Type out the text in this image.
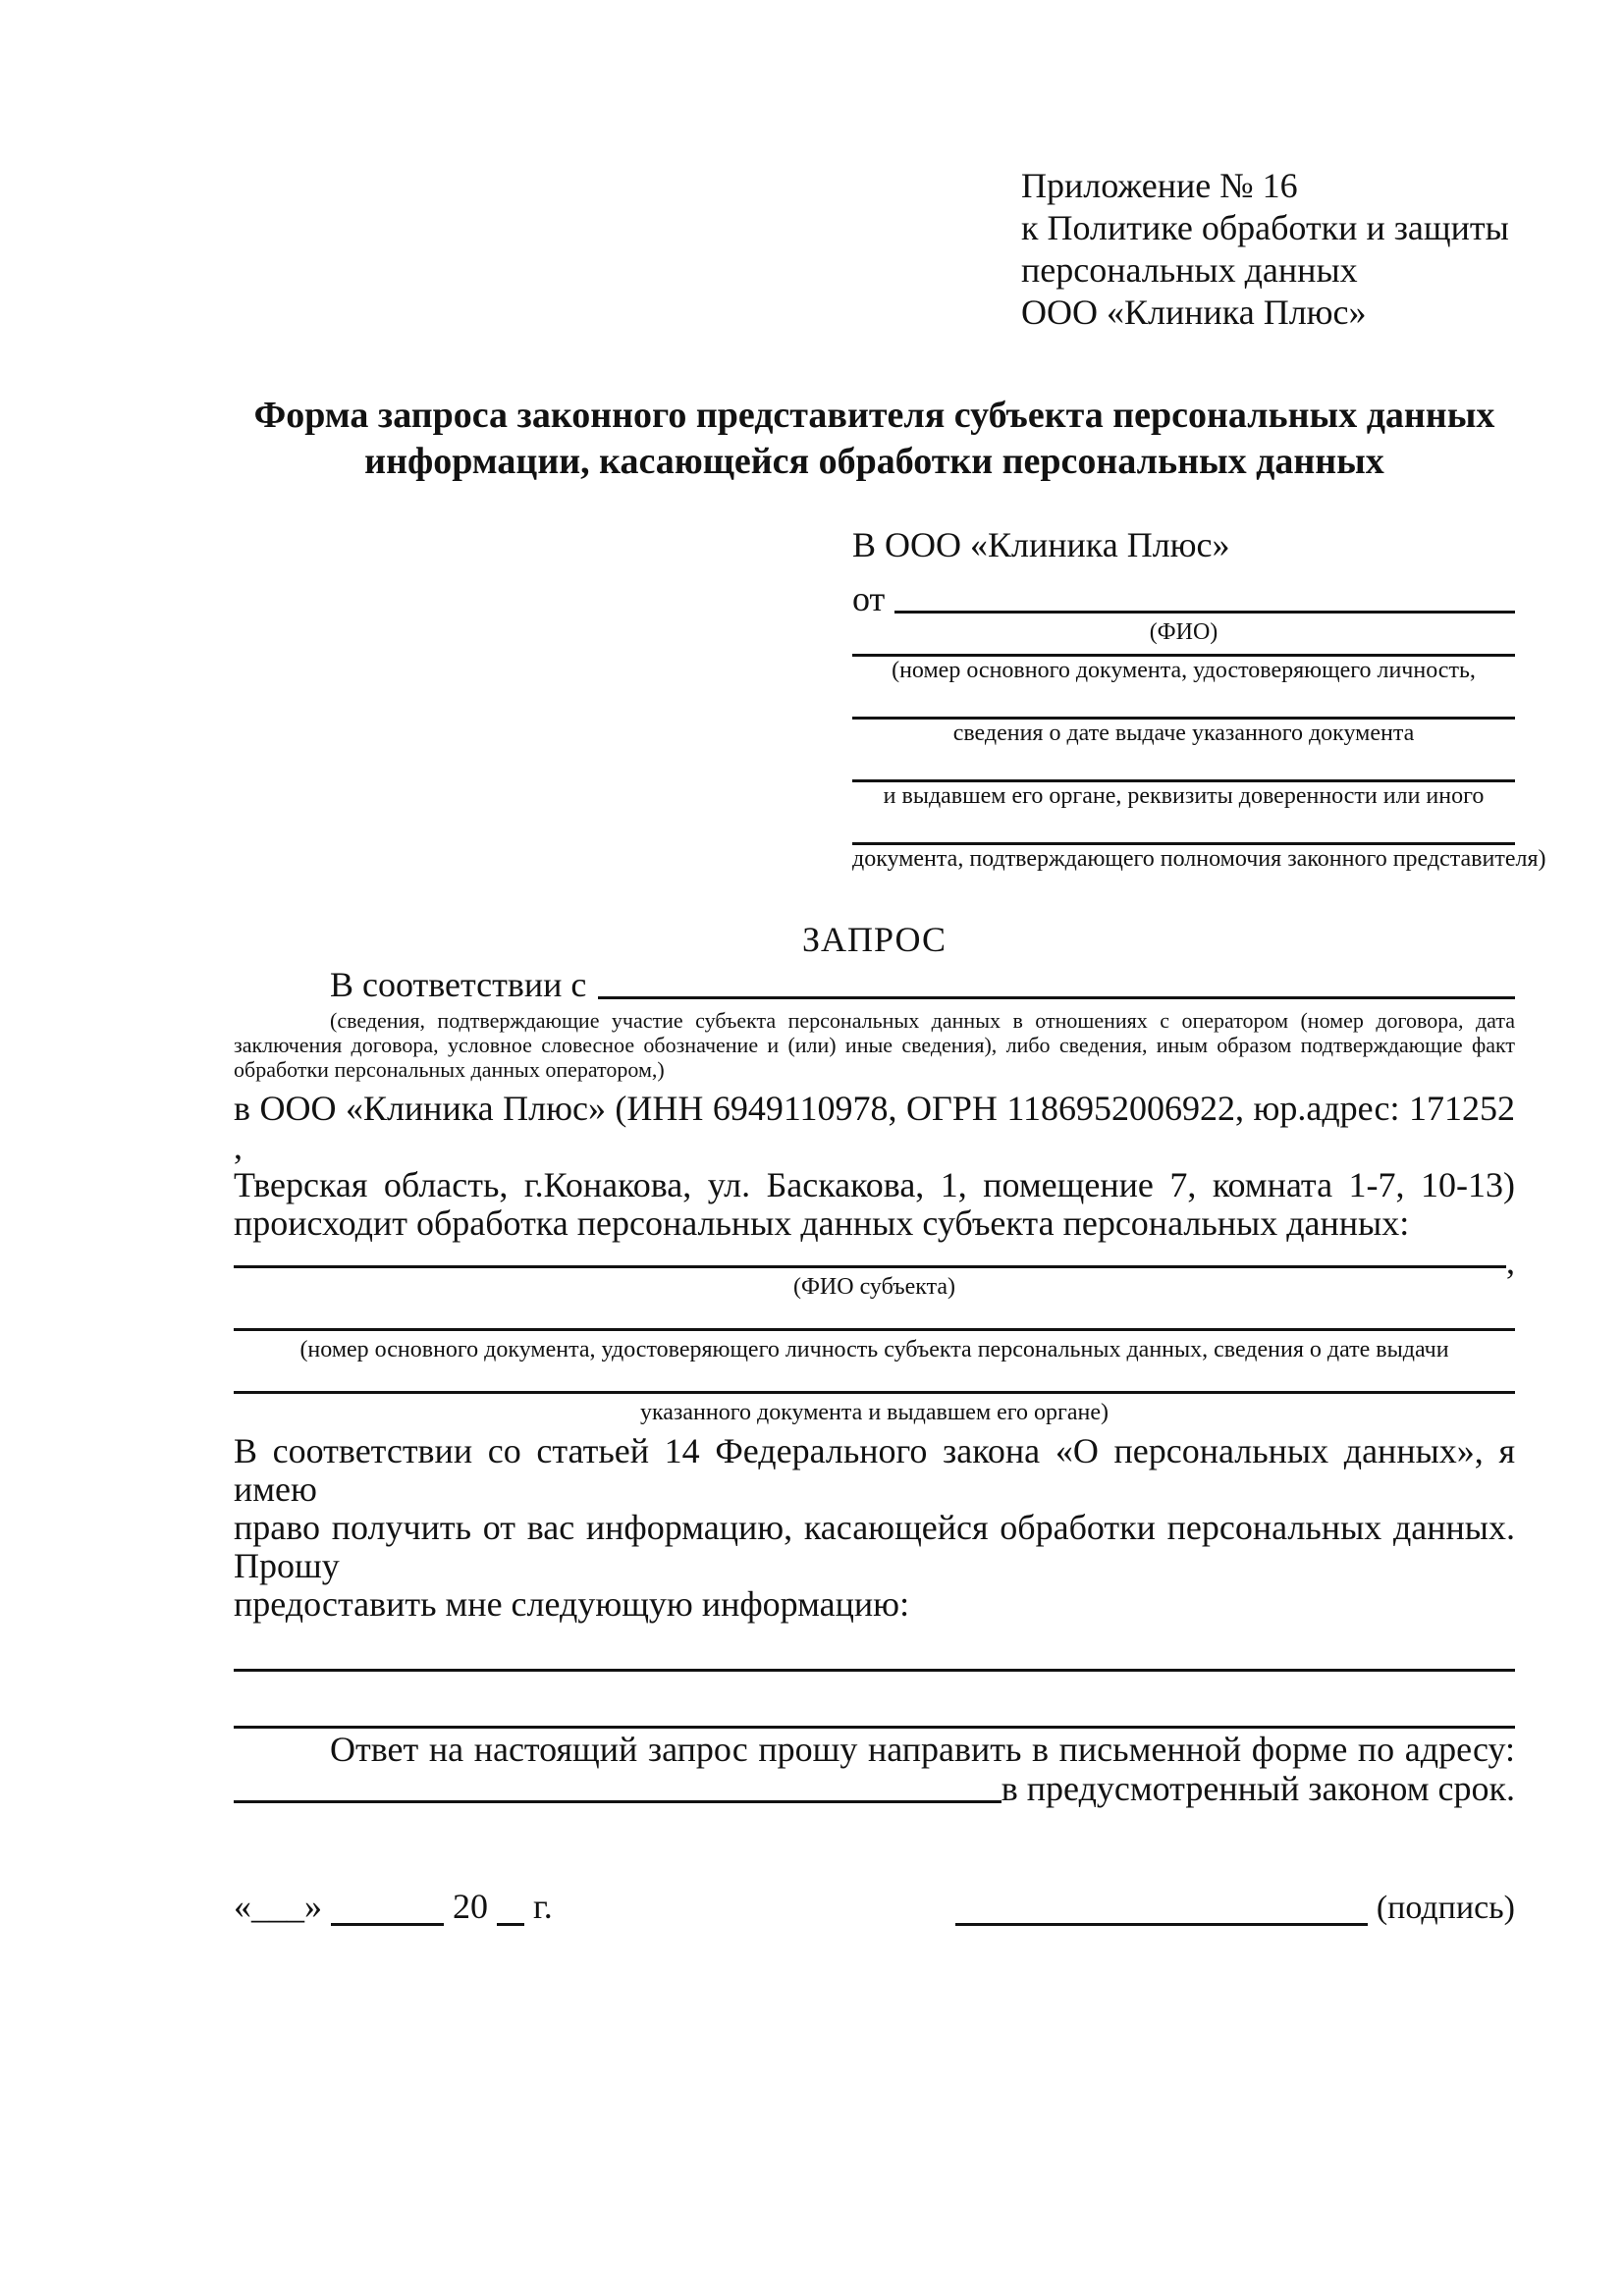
Приложение № 16
к Политике обработки и защиты
персональных данных
ООО «Клиника Плюс»
Форма запроса законного представителя субъекта персональных данных
информации, касающейся обработки персональных данных
В ООО «Клиника Плюс»
от
(ФИО)
(номер основного документа, удостоверяющего личность,
сведения о дате выдаче указанного документа
и выдавшем его органе, реквизиты доверенности или иного
документа, подтверждающего полномочия законного представителя)
ЗАПРОС
В соответствии с
(сведения, подтверждающие участие субъекта персональных данных в отношениях с оператором (номер договора, дата
заключения договора, условное словесное обозначение и (или) иные сведения), либо сведения, иным образом подтверждающие факт
обработки персональных данных оператором,)
в ООО «Клиника Плюс» (ИНН 6949110978, ОГРН 1186952006922, юр.адрес: 171252 ,
Тверская область, г.Конакова, ул. Баскакова, 1, помещение 7, комната 1-7, 10-13)
происходит обработка персональных данных субъекта персональных данных:
,
(ФИО субъекта)
(номер основного документа, удостоверяющего личность субъекта персональных данных, сведения о дате выдачи
указанного документа и выдавшем его органе)
В соответствии со статьей 14 Федерального закона «О персональных данных», я имею
право получить от вас информацию, касающейся обработки персональных данных. Прошу
предоставить мне следующую информацию:
Ответ на настоящий запрос прошу направить в письменной форме по адресу:
в предусмотренный законом срок.
«___»	20 г.	(подпись)
